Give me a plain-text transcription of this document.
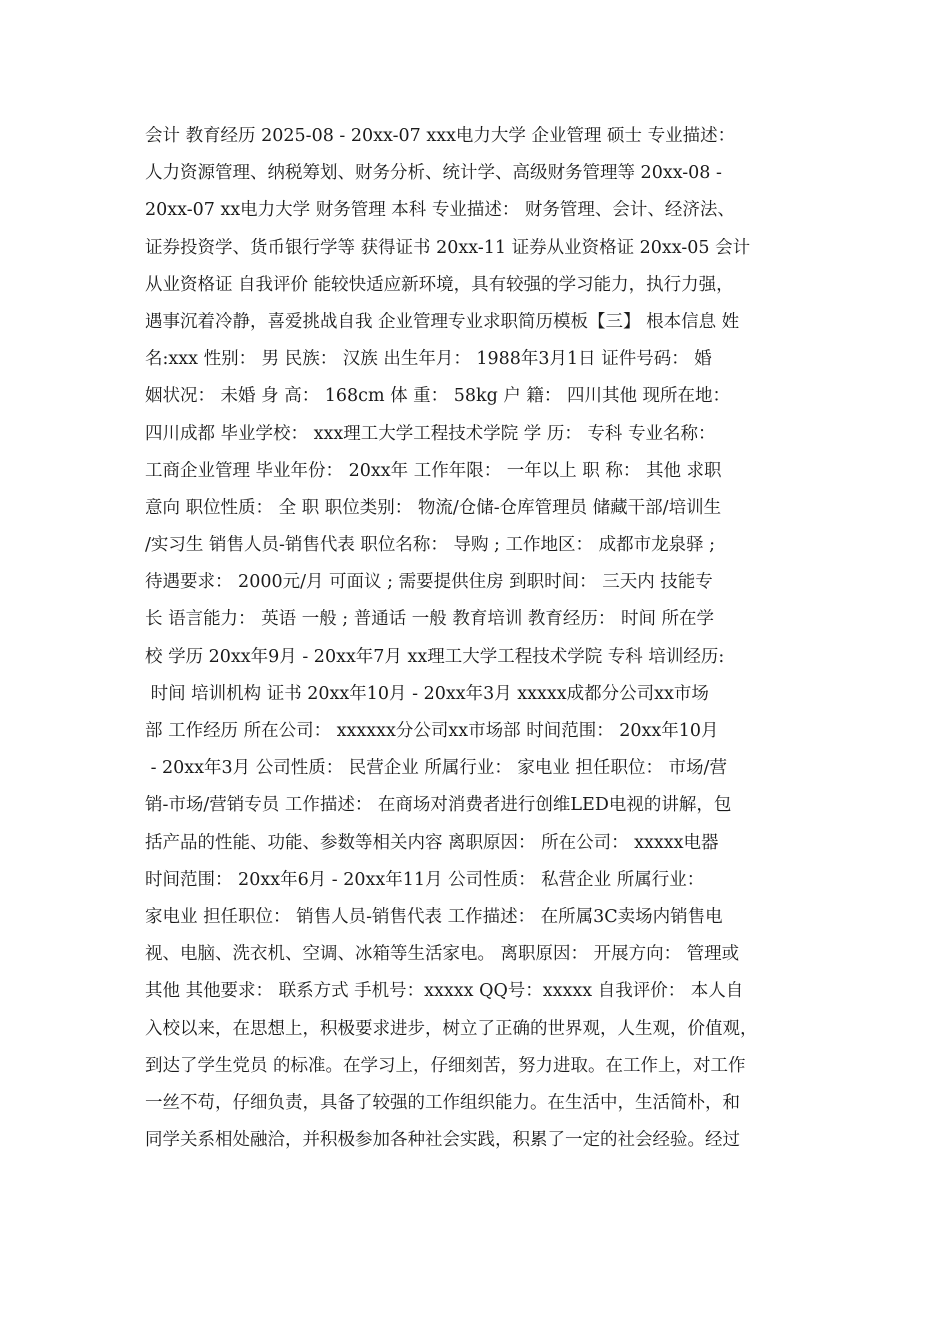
会计 教育经历 2025-08 - 20xx-07 xxx电力大学 企业管理 硕士 专业描述：
人力资源管理、纳税筹划、财务分析、统计学、高级财务管理等 20xx-08 -
20xx-07 xx电力大学 财务管理 本科 专业描述： 财务管理、会计、经济法、
证券投资学、货币银行学等 获得证书 20xx-11 证券从业资格证 20xx-05 会计
从业资格证 自我评价 能较快适应新环境，具有较强的学习能力，执行力强，
遇事沉着冷静，喜爱挑战自我 企业管理专业求职简历模板【三】 根本信息 姓
名:xxx 性别： 男 民族： 汉族 出生年月： 1988年3月1日 证件号码： 婚
姻状况： 未婚 身 高： 168cm 体 重： 58kg 户 籍： 四川其他 现所在地：
四川成都 毕业学校： xxx理工大学工程技术学院 学 历： 专科 专业名称：
工商企业管理 毕业年份： 20xx年 工作年限： 一年以上 职 称： 其他 求职
意向 职位性质： 全 职 职位类别： 物流/仓储-仓库管理员 储藏干部/培训生
/实习生 销售人员-销售代表 职位名称： 导购 ; 工作地区： 成都市龙泉驿 ;
待遇要求： 2000元/月 可面议 ; 需要提供住房 到职时间： 三天内 技能专
长 语言能力： 英语 一般 ; 普通话 一般 教育培训 教育经历： 时间 所在学
校 学历 20xx年9月 - 20xx年7月 xx理工大学工程技术学院 专科 培训经历:
时间 培训机构 证书 20xx年10月 - 20xx年3月 xxxxx成都分公司xx市场
部 工作经历 所在公司： xxxxxx分公司xx市场部 时间范围： 20xx年10月
- 20xx年3月 公司性质： 民营企业 所属行业： 家电业 担任职位： 市场/营
销-市场/营销专员 工作描述： 在商场对消费者进行创维LED电视的讲解，包
括产品的性能、功能、参数等相关内容 离职原因： 所在公司： xxxxx电器
时间范围： 20xx年6月 - 20xx年11月 公司性质： 私营企业 所属行业：
家电业 担任职位： 销售人员-销售代表 工作描述： 在所属3C卖场内销售电
视、电脑、洗衣机、空调、冰箱等生活家电。 离职原因： 开展方向： 管理或
其他 其他要求： 联系方式 手机号：xxxxx QQ号：xxxxx 自我评价： 本人自
入校以来，在思想上，积极要求进步，树立了正确的世界观，人生观，价值观，
到达了学生党员 的标准。在学习上，仔细刻苦，努力进取。在工作上，对工作
一丝不苟，仔细负责，具备了较强的工作组织能力。在生活中，生活简朴，和
同学关系相处融洽，并积极参加各种社会实践，积累了一定的社会经验。经过
